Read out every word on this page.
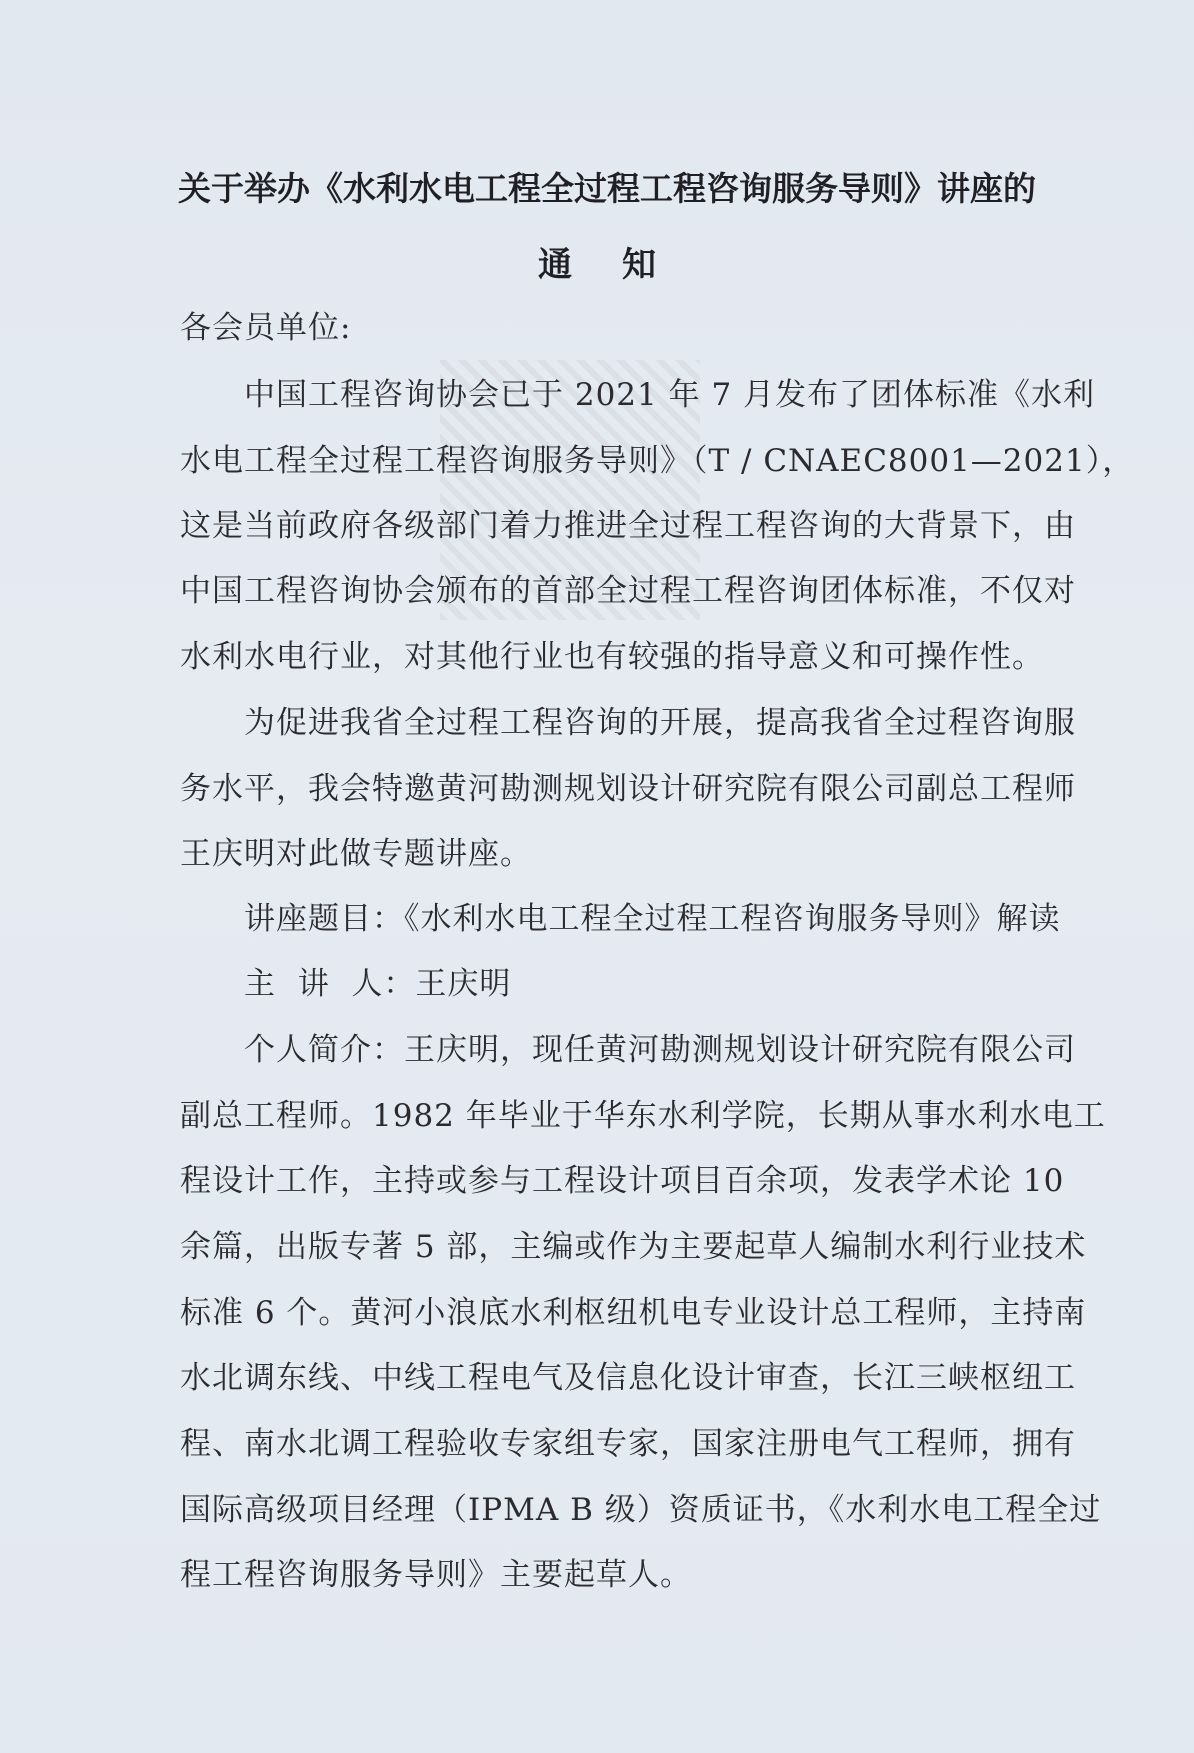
关于举办《水利水电工程全过程工程咨询服务导则》讲座的
通知
各会员单位:
中国工程咨询协会已于 2021 年 7 月发布了团体标准《水利
水电工程全过程工程咨询服务导则》（T / CNAEC8001—2021），
这是当前政府各级部门着力推进全过程工程咨询的大背景下，由
中国工程咨询协会颁布的首部全过程工程咨询团体标准，不仅对
水利水电行业，对其他行业也有较强的指导意义和可操作性。
为促进我省全过程工程咨询的开展，提高我省全过程咨询服
务水平，我会特邀黄河勘测规划设计研究院有限公司副总工程师
王庆明对此做专题讲座。
讲座题目：《水利水电工程全过程工程咨询服务导则》解读
主  讲  人：王庆明
个人简介：王庆明，现任黄河勘测规划设计研究院有限公司
副总工程师。1982 年毕业于华东水利学院，长期从事水利水电工
程设计工作，主持或参与工程设计项目百余项，发表学术论 10
余篇，出版专著 5 部，主编或作为主要起草人编制水利行业技术
标准 6 个。黄河小浪底水利枢纽机电专业设计总工程师，主持南
水北调东线、中线工程电气及信息化设计审查，长江三峡枢纽工
程、南水北调工程验收专家组专家，国家注册电气工程师，拥有
国际高级项目经理（IPMA B 级）资质证书，《水利水电工程全过
程工程咨询服务导则》主要起草人。
